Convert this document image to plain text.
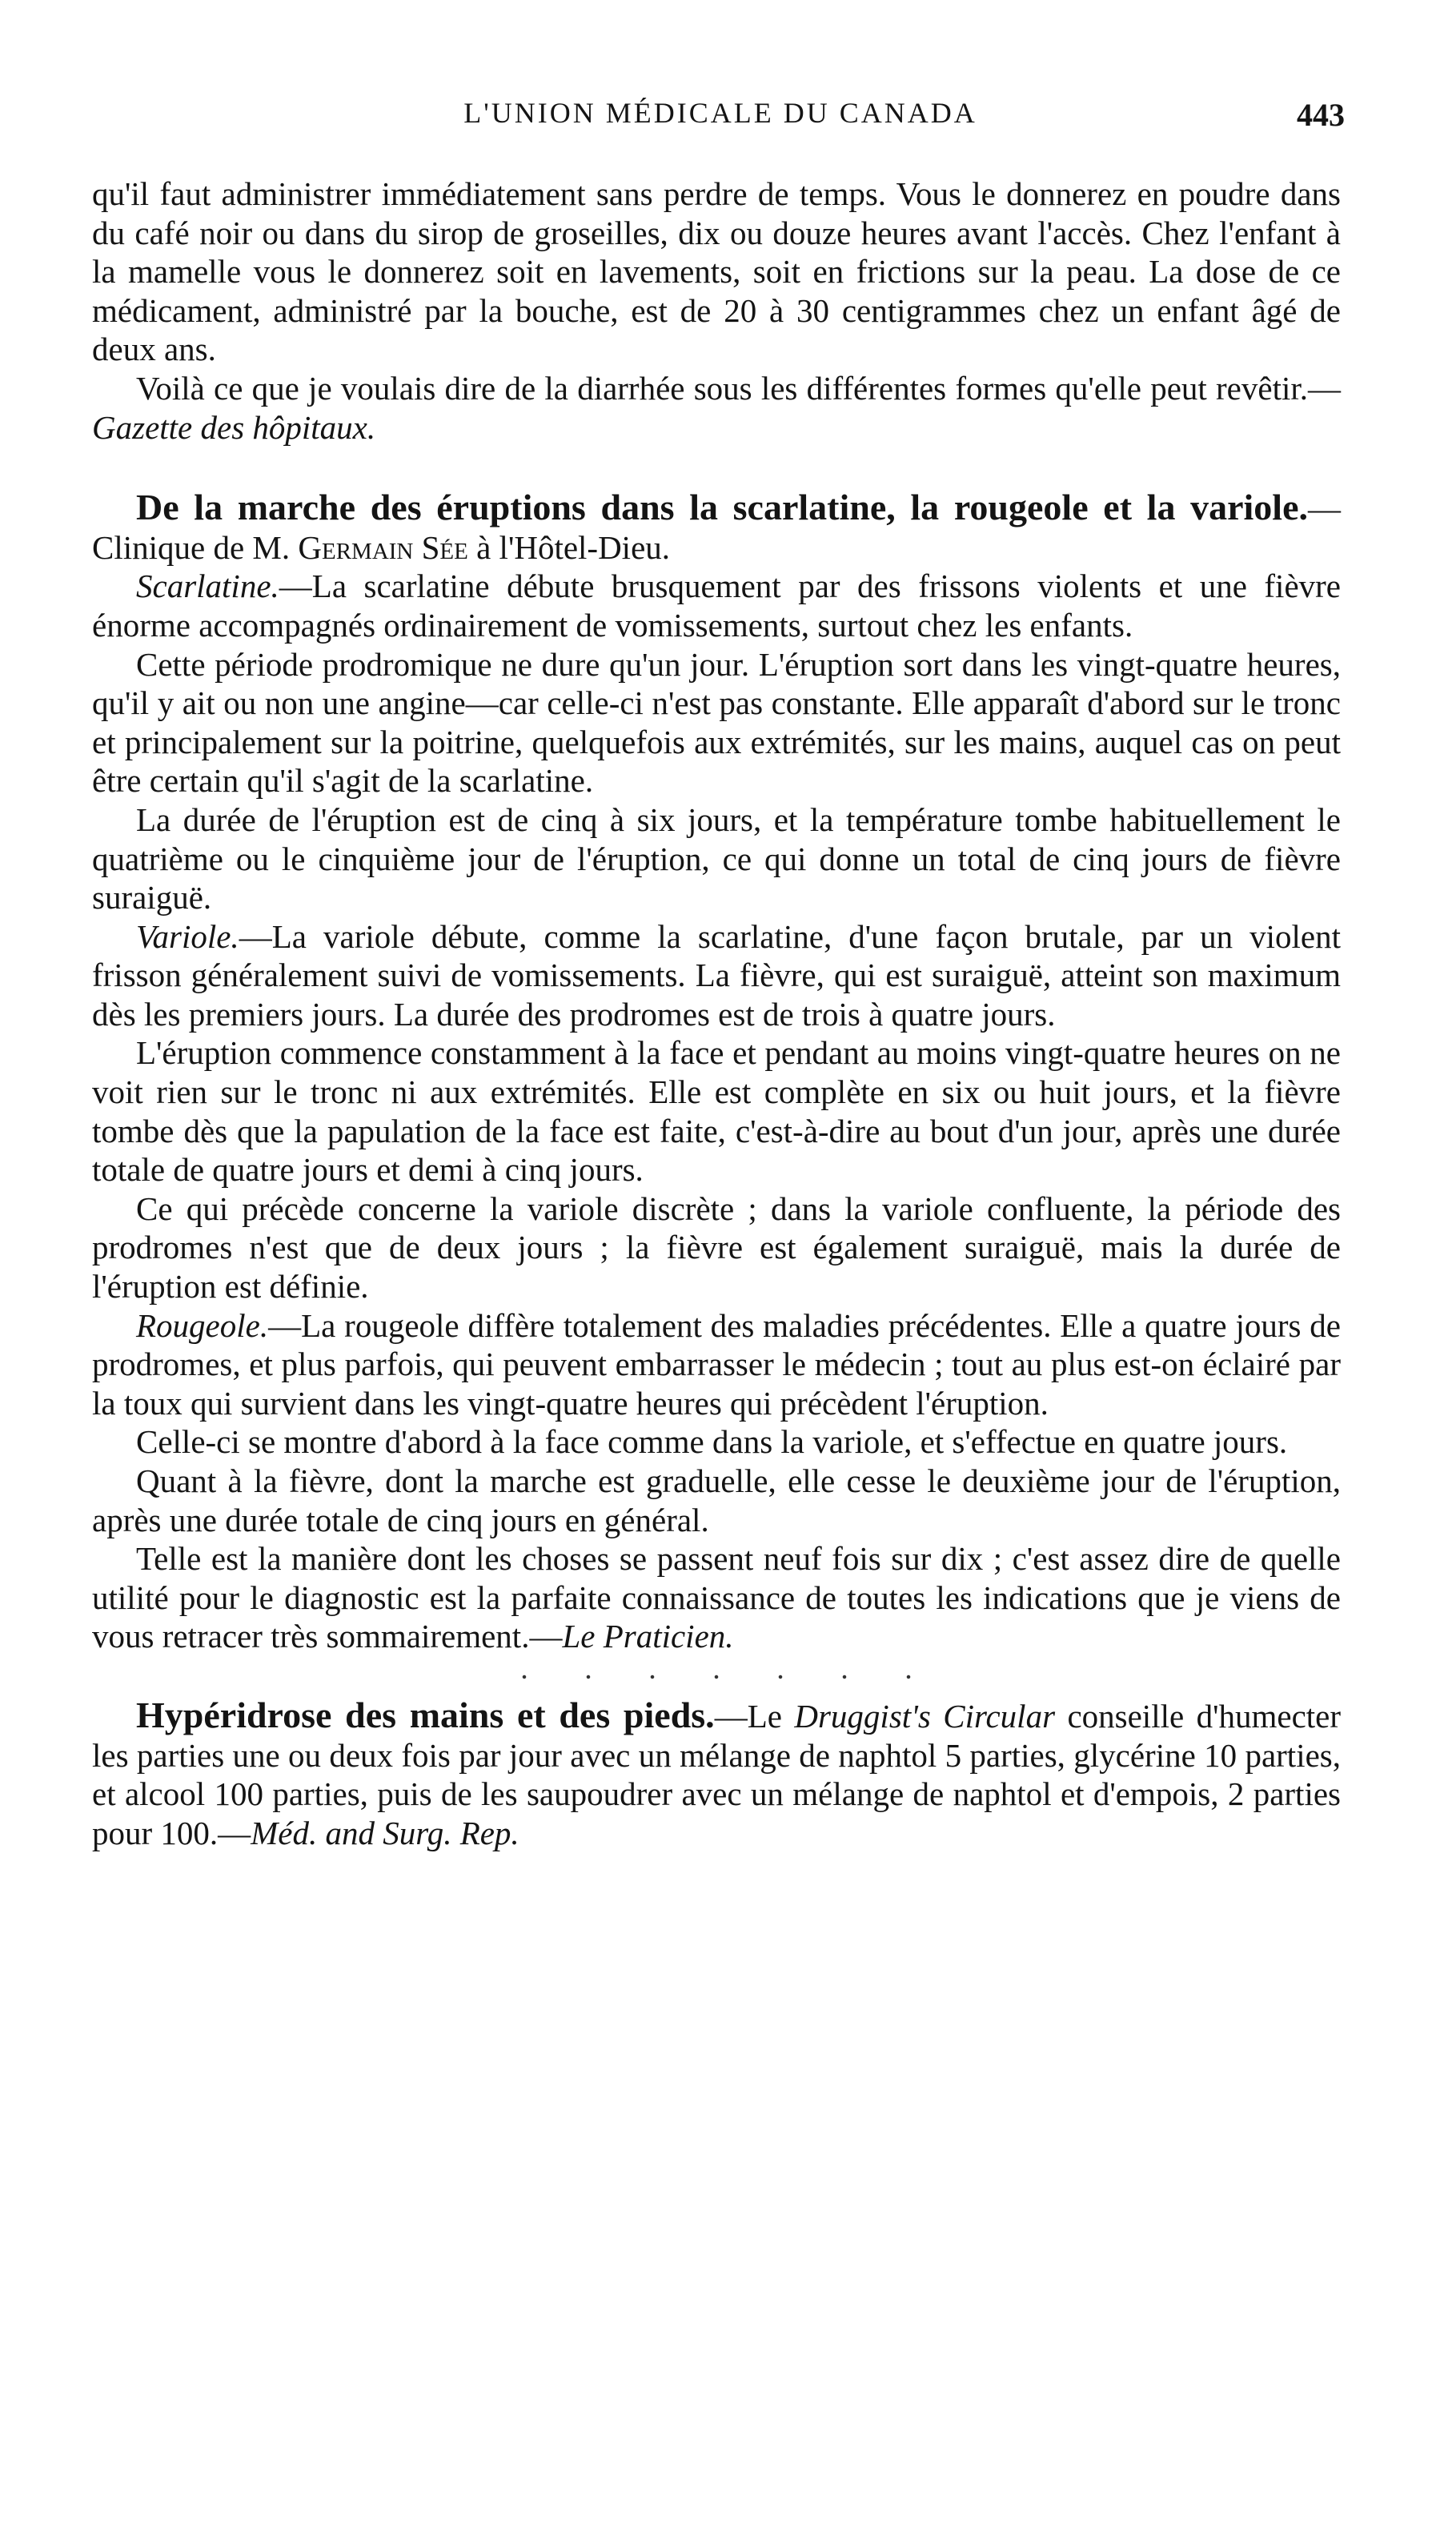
L'UNION MÉDICALE DU CANADA	443

qu'il faut administrer immédiatement sans perdre de temps. Vous le donnerez en poudre dans du café noir ou dans du sirop de groseilles, dix ou douze heures avant l'accès. Chez l'enfant à la mamelle vous le donnerez soit en lavements, soit en frictions sur la peau. La dose de ce médicament, administré par la bouche, est de 20 à 30 centigrammes chez un enfant âgé de deux ans.

Voilà ce que je voulais dire de la diarrhée sous les différentes formes qu'elle peut revêtir.—Gazette des hôpitaux.

De la marche des éruptions dans la scarlatine, la rougeole et la variole.—Clinique de M. Germain Sée à l'Hôtel-Dieu.

Scarlatine.—La scarlatine débute brusquement par des frissons violents et une fièvre énorme accompagnés ordinairement de vomissements, surtout chez les enfants.

Cette période prodromique ne dure qu'un jour. L'éruption sort dans les vingt-quatre heures, qu'il y ait ou non une angine—car celle-ci n'est pas constante. Elle apparaît d'abord sur le tronc et principalement sur la poitrine, quelquefois aux extrémités, sur les mains, auquel cas on peut être certain qu'il s'agit de la scarlatine.

La durée de l'éruption est de cinq à six jours, et la température tombe habituellement le quatrième ou le cinquième jour de l'éruption, ce qui donne un total de cinq jours de fièvre suraiguë.

Variole.—La variole débute, comme la scarlatine, d'une façon brutale, par un violent frisson généralement suivi de vomissements. La fièvre, qui est suraiguë, atteint son maximum dès les premiers jours. La durée des prodromes est de trois à quatre jours.

L'éruption commence constamment à la face et pendant au moins vingt-quatre heures on ne voit rien sur le tronc ni aux extrémités. Elle est complète en six ou huit jours, et la fièvre tombe dès que la papulation de la face est faite, c'est-à-dire au bout d'un jour, après une durée totale de quatre jours et demi à cinq jours.

Ce qui précède concerne la variole discrète ; dans la variole confluente, la période des prodromes n'est que de deux jours ; la fièvre est également suraiguë, mais la durée de l'éruption est définie.

Rougeole.—La rougeole diffère totalement des maladies précédentes. Elle a quatre jours de prodromes, et plus parfois, qui peuvent embarrasser le médecin ; tout au plus est-on éclairé par la toux qui survient dans les vingt-quatre heures qui précèdent l'éruption.

Celle-ci se montre d'abord à la face comme dans la variole, et s'effectue en quatre jours.

Quant à la fièvre, dont la marche est graduelle, elle cesse le deuxième jour de l'éruption, après une durée totale de cinq jours en général.

Telle est la manière dont les choses se passent neuf fois sur dix ; c'est assez dire de quelle utilité pour le diagnostic est la parfaite connaissance de toutes les indications que je viens de vous retracer très sommairement.—Le Praticien.

Hypéridrose des mains et des pieds.—Le Druggist's Circular conseille d'humecter les parties une ou deux fois par jour avec un mélange de naphtol 5 parties, glycérine 10 parties, et alcool 100 parties, puis de les saupoudrer avec un mélange de naphtol et d'empois, 2 parties pour 100.—Méd. and Surg. Rep.
